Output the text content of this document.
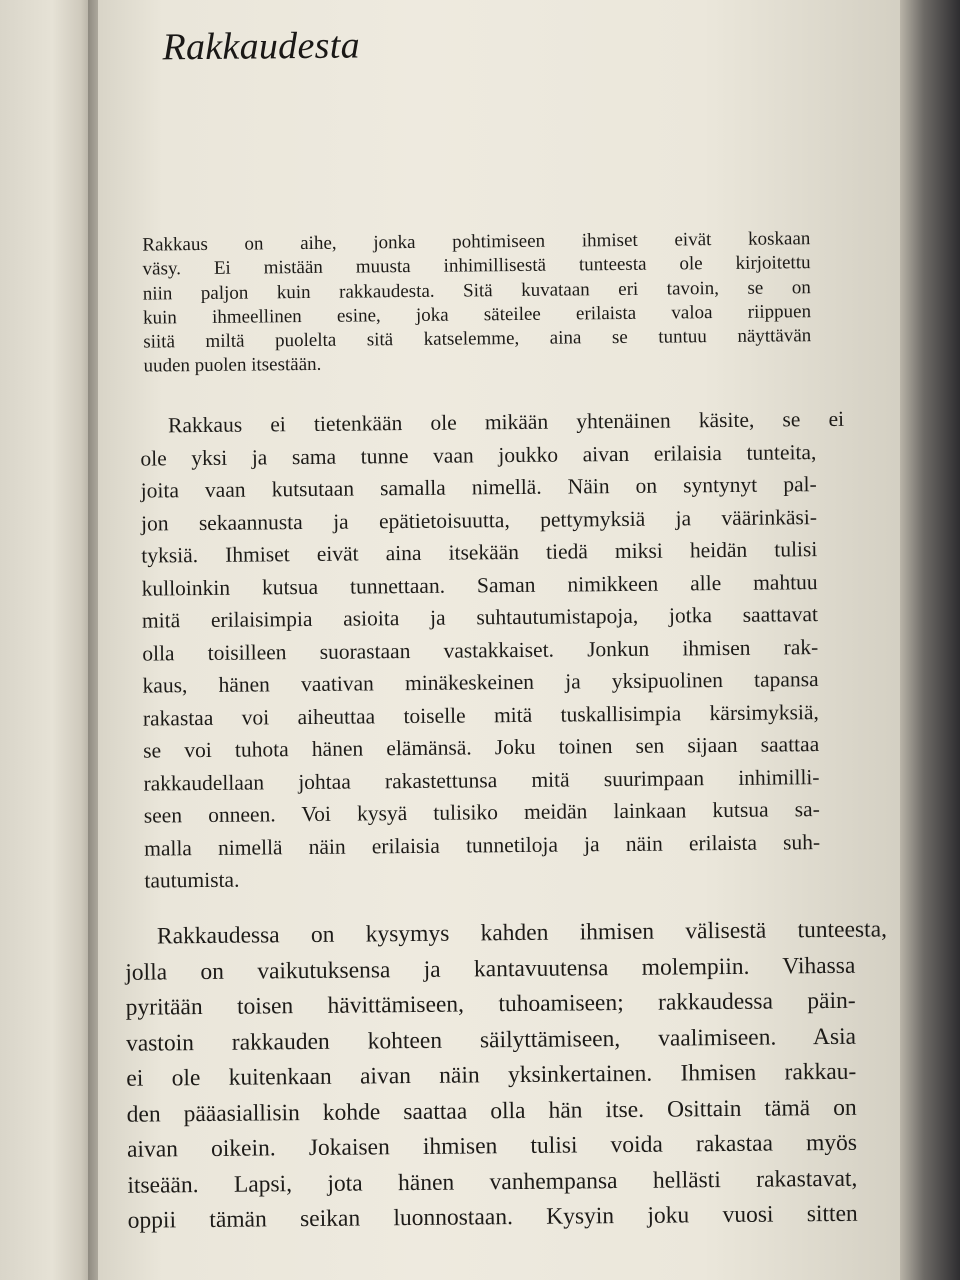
Rakkaudesta
Rakkaus on aihe, jonka pohtimiseen ihmiset eivät koskaan
väsy. Ei mistään muusta inhimillisestä tunteesta ole kirjoitettu
niin paljon kuin rakkaudesta. Sitä kuvataan eri tavoin, se on
kuin ihmeellinen esine, joka säteilee erilaista valoa riippuen
siitä miltä puolelta sitä katselemme, aina se tuntuu näyttävän
uuden puolen itsestään.
Rakkaus ei tietenkään ole mikään yhtenäinen käsite, se ei
ole yksi ja sama tunne vaan joukko aivan erilaisia tunteita,
joita vaan kutsutaan samalla nimellä. Näin on syntynyt pal-
jon sekaannusta ja epätietoisuutta, pettymyksiä ja väärinkäsi-
tyksiä. Ihmiset eivät aina itsekään tiedä miksi heidän tulisi
kulloinkin kutsua tunnettaan. Saman nimikkeen alle mahtuu
mitä erilaisimpia asioita ja suhtautumistapoja, jotka saattavat
olla toisilleen suorastaan vastakkaiset. Jonkun ihmisen rak-
kaus, hänen vaativan minäkeskeinen ja yksipuolinen tapansa
rakastaa voi aiheuttaa toiselle mitä tuskallisimpia kärsimyksiä,
se voi tuhota hänen elämänsä. Joku toinen sen sijaan saattaa
rakkaudellaan johtaa rakastettunsa mitä suurimpaan inhimilli-
seen onneen. Voi kysyä tulisiko meidän lainkaan kutsua sa-
malla nimellä näin erilaisia tunnetiloja ja näin erilaista suh-
tautumista.
Rakkaudessa on kysymys kahden ihmisen välisestä tunteesta,
jolla on vaikutuksensa ja kantavuutensa molempiin. Vihassa
pyritään toisen hävittämiseen, tuhoamiseen; rakkaudessa päin-
vastoin rakkauden kohteen säilyttämiseen, vaalimiseen. Asia
ei ole kuitenkaan aivan näin yksinkertainen. Ihmisen rakkau-
den pääasiallisin kohde saattaa olla hän itse. Osittain tämä on
aivan oikein. Jokaisen ihmisen tulisi voida rakastaa myös
itseään. Lapsi, jota hänen vanhempansa hellästi rakastavat,
oppii tämän seikan luonnostaan. Kysyin joku vuosi sitten
